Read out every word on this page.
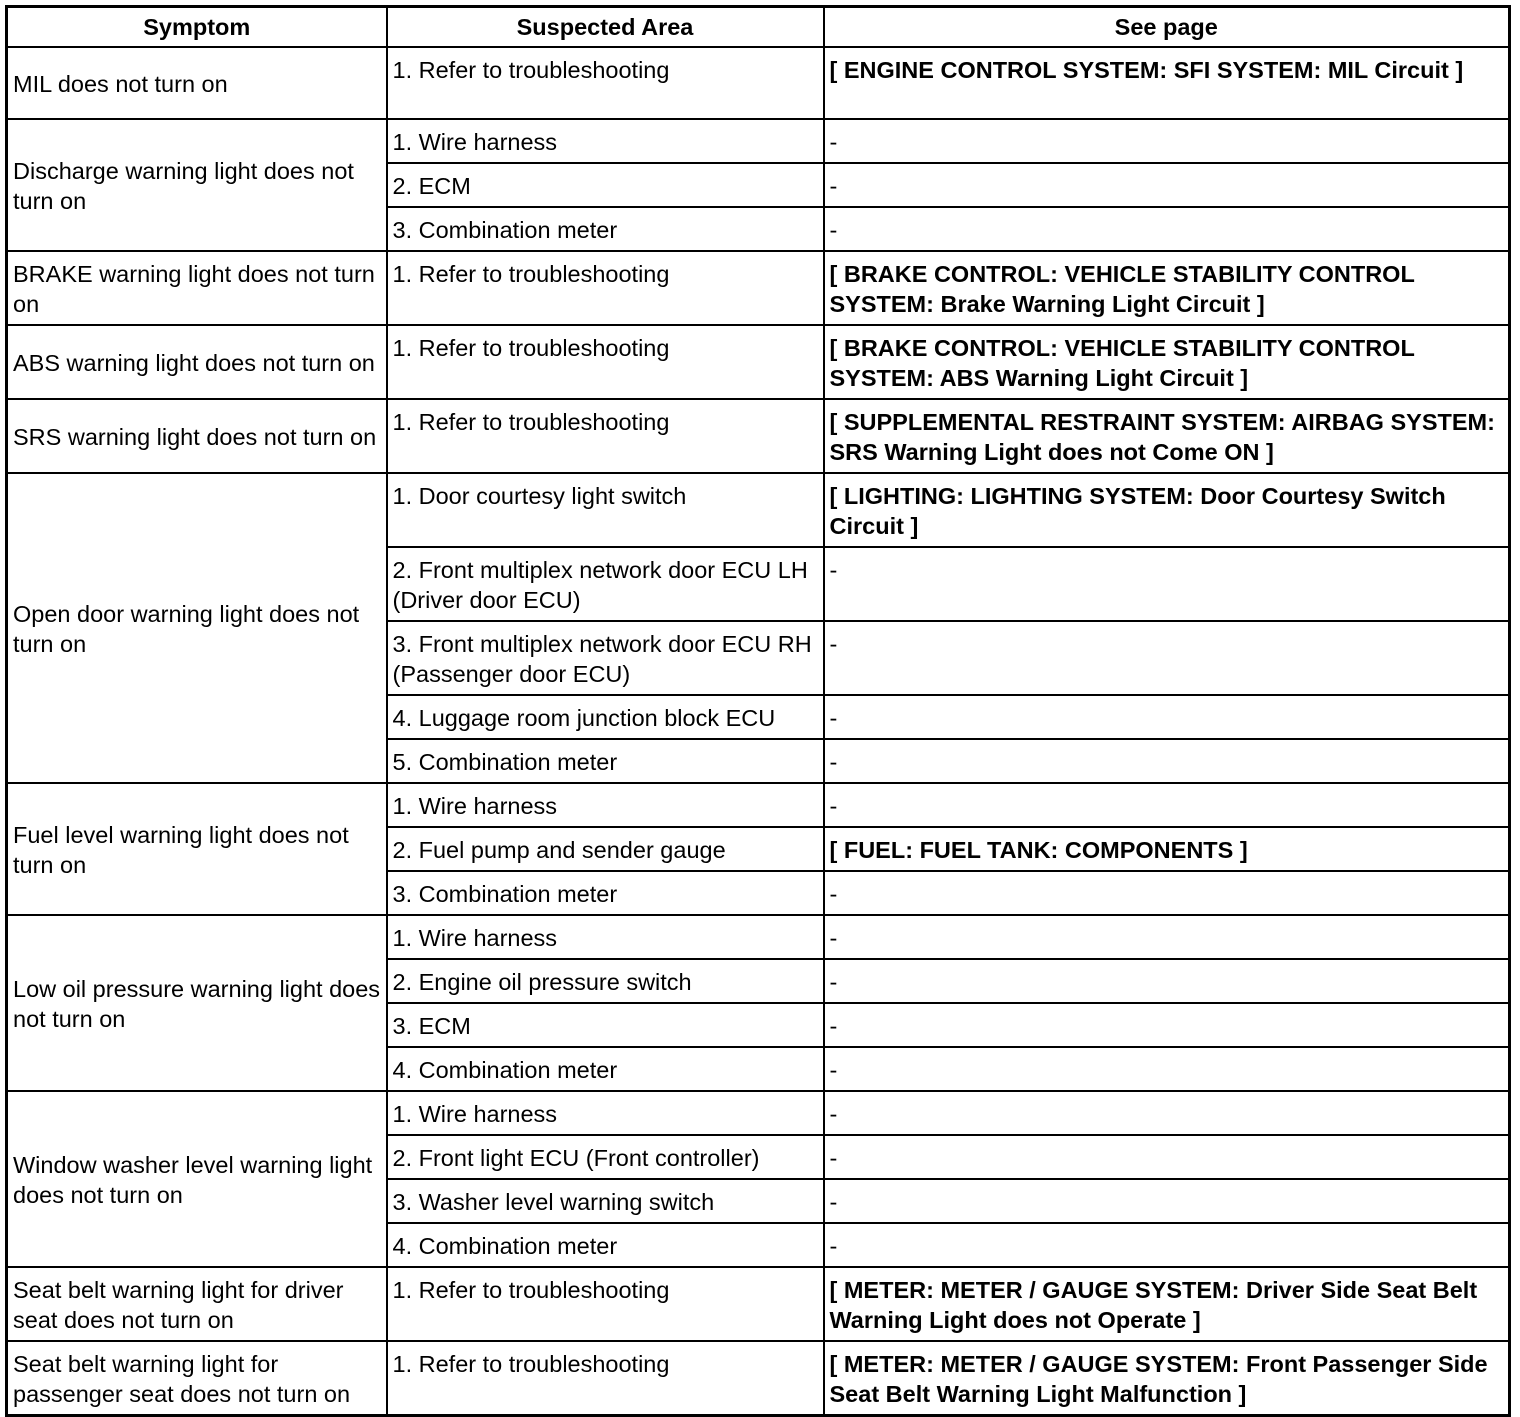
Symptom	Suspected Area	See page
MIL does not turn on	1. Refer to troubleshooting	[ ENGINE CONTROL SYSTEM: SFI SYSTEM: MIL Circuit ]
Discharge warning light does not turn on	1. Wire harness	-
	2. ECM	-
	3. Combination meter	-
BRAKE warning light does not turn on	1. Refer to troubleshooting	[ BRAKE CONTROL: VEHICLE STABILITY CONTROL SYSTEM: Brake Warning Light Circuit ]
ABS warning light does not turn on	1. Refer to troubleshooting	[ BRAKE CONTROL: VEHICLE STABILITY CONTROL SYSTEM: ABS Warning Light Circuit ]
SRS warning light does not turn on	1. Refer to troubleshooting	[ SUPPLEMENTAL RESTRAINT SYSTEM: AIRBAG SYSTEM: SRS Warning Light does not Come ON ]
Open door warning light does not turn on	1. Door courtesy light switch	[ LIGHTING: LIGHTING SYSTEM: Door Courtesy Switch Circuit ]
	2. Front multiplex network door ECU LH (Driver door ECU)	-
	3. Front multiplex network door ECU RH (Passenger door ECU)	-
	4. Luggage room junction block ECU	-
	5. Combination meter	-
Fuel level warning light does not turn on	1. Wire harness	-
	2. Fuel pump and sender gauge	[ FUEL: FUEL TANK: COMPONENTS ]
	3. Combination meter	-
Low oil pressure warning light does not turn on	1. Wire harness	-
	2. Engine oil pressure switch	-
	3. ECM	-
	4. Combination meter	-
Window washer level warning light does not turn on	1. Wire harness	-
	2. Front light ECU (Front controller)	-
	3. Washer level warning switch	-
	4. Combination meter	-
Seat belt warning light for driver seat does not turn on	1. Refer to troubleshooting	[ METER: METER / GAUGE SYSTEM: Driver Side Seat Belt Warning Light does not Operate ]
Seat belt warning light for passenger seat does not turn on	1. Refer to troubleshooting	[ METER: METER / GAUGE SYSTEM: Front Passenger Side Seat Belt Warning Light Malfunction ]
